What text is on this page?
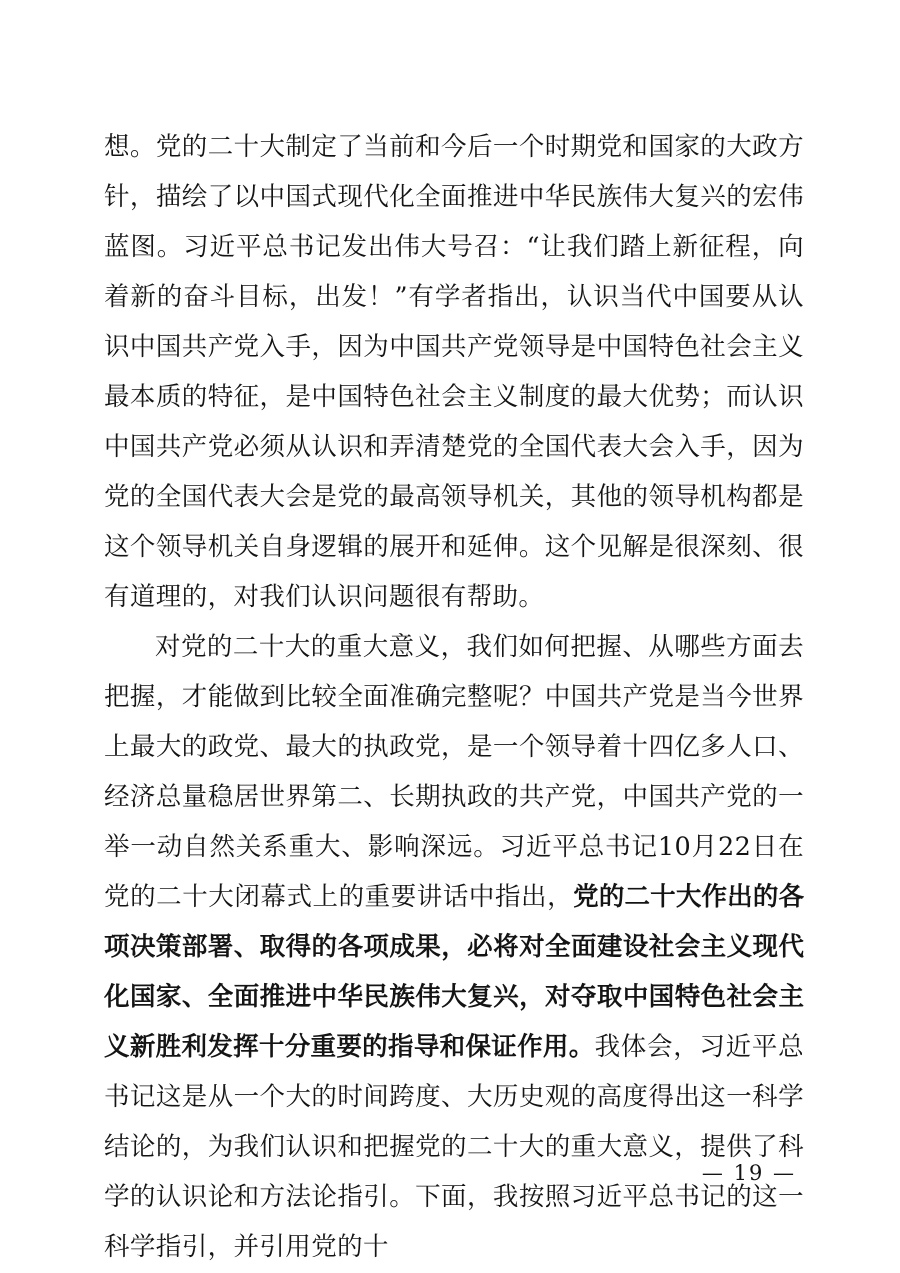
想。党的二十大制定了当前和今后一个时期党和国家的大政方针，描绘了以中国式现代化全面推进中华民族伟大复兴的宏伟蓝图。习近平总书记发出伟大号召：“让我们踏上新征程，向着新的奋斗目标，出发！”有学者指出，认识当代中国要从认识中国共产党入手，因为中国共产党领导是中国特色社会主义最本质的特征，是中国特色社会主义制度的最大优势；而认识中国共产党必须从认识和弄清楚党的全国代表大会入手，因为党的全国代表大会是党的最高领导机关，其他的领导机构都是这个领导机关自身逻辑的展开和延伸。这个见解是很深刻、很有道理的，对我们认识问题很有帮助。

对党的二十大的重大意义，我们如何把握、从哪些方面去把握，才能做到比较全面准确完整呢？中国共产党是当今世界上最大的政党、最大的执政党，是一个领导着十四亿多人口、经济总量稳居世界第二、长期执政的共产党，中国共产党的一举一动自然关系重大、影响深远。习近平总书记10月22日在党的二十大闭幕式上的重要讲话中指出，党的二十大作出的各项决策部署、取得的各项成果，必将对全面建设社会主义现代化国家、全面推进中华民族伟大复兴，对夺取中国特色社会主义新胜利发挥十分重要的指导和保证作用。我体会，习近平总书记这是从一个大的时间跨度、大历史观的高度得出这一科学结论的，为我们认识和把握党的二十大的重大意义，提供了科学的认识论和方法论指引。下面，我按照习近平总书记的这一科学指引，并引用党的十

— 19 —
